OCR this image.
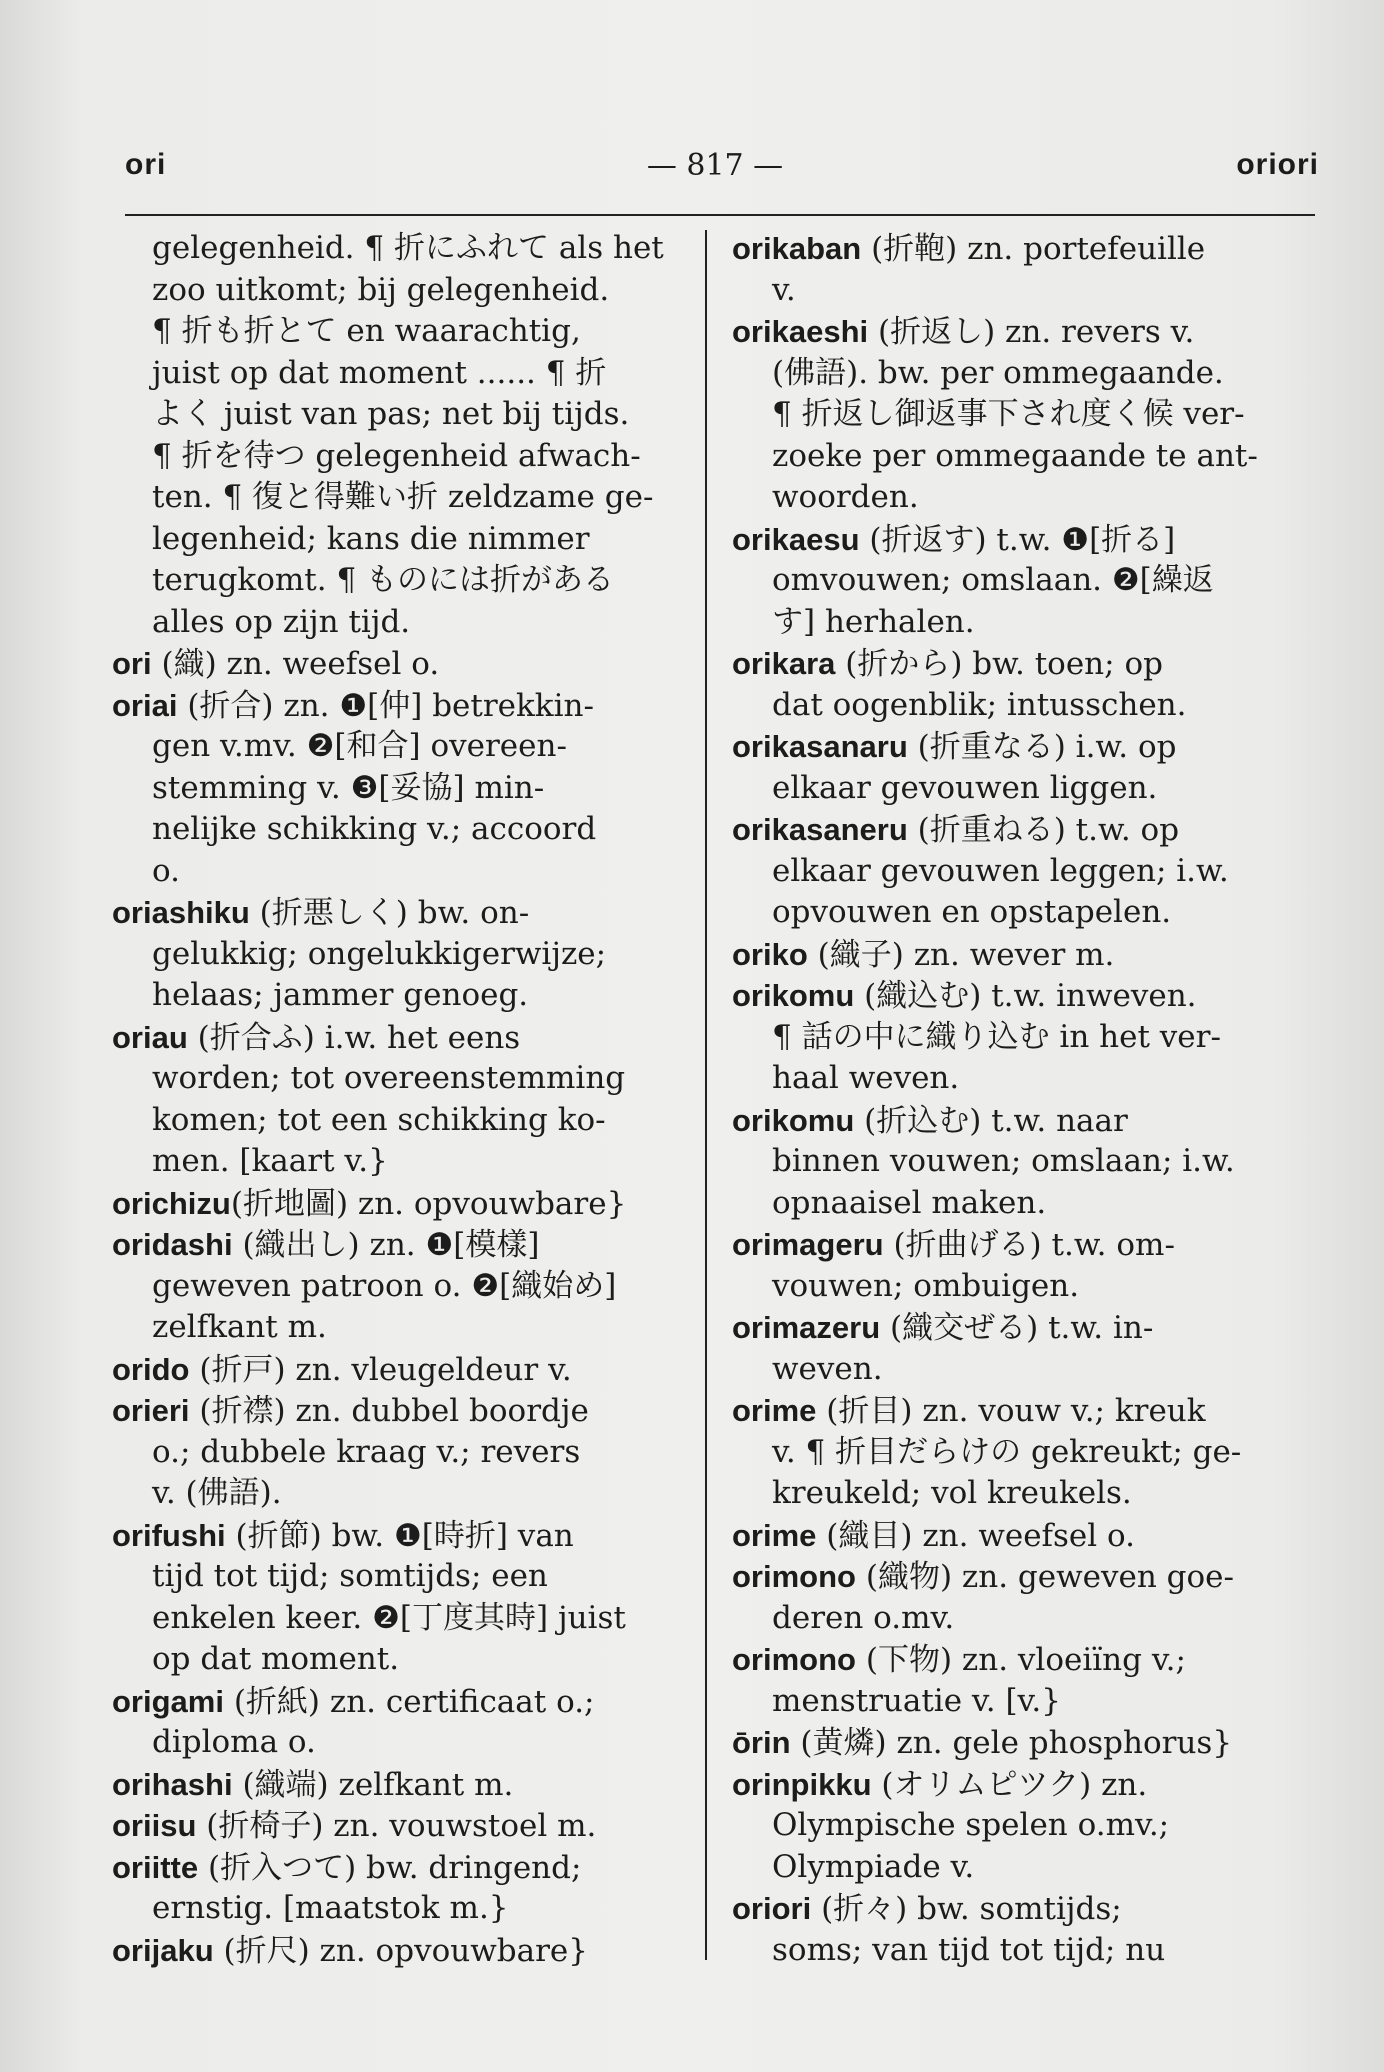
ori	— 817 —	oriori
gelegenheid. ¶ 折にふれて als het
zoo uitkomt; bij gelegenheid.
¶ 折も折とて en waarachtig,
juist op dat moment ...... ¶ 折
よく juist van pas; net bij tijds.
¶ 折を待つ gelegenheid afwach-
ten. ¶ 復と得難い折 zeldzame ge-
legenheid; kans die nimmer
terugkomt. ¶ ものには折がある
alles op zijn tijd.
ori (織) zn. weefsel o.
oriai (折合) zn. ❶[仲] betrekkin-
gen v.mv. ❷[和合] overeen-
stemming v. ❸[妥協] min-
nelijke schikking v.; accoord
o.
oriashiku (折悪しく) bw. on-
gelukkig; ongelukkigerwijze;
helaas; jammer genoeg.
oriau (折合ふ) i.w. het eens
worden; tot overeenstemming
komen; tot een schikking ko-
men. [kaart v.}
orichizu(折地圖) zn. opvouwbare}
oridashi (織出し) zn. ❶[模樣]
geweven patroon o. ❷[織始め]
zelfkant m.
orido (折戸) zn. vleugeldeur v.
orieri (折襟) zn. dubbel boordje
o.; dubbele kraag v.; revers
v. (佛語).
orifushi (折節) bw. ❶[時折] van
tijd tot tijd; somtijds; een
enkelen keer. ❷[丁度其時] juist
op dat moment.
origami (折紙) zn. certificaat o.;
diploma o.
orihashi (織端) zelfkant m.
oriisu (折椅子) zn. vouwstoel m.
oriitte (折入つて) bw. dringend;
ernstig. [maatstok m.}
orijaku (折尺) zn. opvouwbare}
orikaban (折鞄) zn. portefeuille
v.
orikaeshi (折返し) zn. revers v.
(佛語). bw. per ommegaande.
¶ 折返し御返事下され度く候 ver-
zoeke per ommegaande te ant-
woorden.
orikaesu (折返す) t.w. ❶[折る]
omvouwen; omslaan. ❷[繰返
す] herhalen.
orikara (折から) bw. toen; op
dat oogenblik; intusschen.
orikasanaru (折重なる) i.w. op
elkaar gevouwen liggen.
orikasaneru (折重ねる) t.w. op
elkaar gevouwen leggen; i.w.
opvouwen en opstapelen.
oriko (織子) zn. wever m.
orikomu (織込む) t.w. inweven.
¶ 話の中に織り込む in het ver-
haal weven.
orikomu (折込む) t.w. naar
binnen vouwen; omslaan; i.w.
opnaaisel maken.
orimageru (折曲げる) t.w. om-
vouwen; ombuigen.
orimazeru (織交ぜる) t.w. in-
weven.
orime (折目) zn. vouw v.; kreuk
v. ¶ 折目だらけの gekreukt; ge-
kreukeld; vol kreukels.
orime (織目) zn. weefsel o.
orimono (織物) zn. geweven goe-
deren o.mv.
orimono (下物) zn. vloeiïng v.;
menstruatie v. [v.}
ōrin (黄燐) zn. gele phosphorus}
orinpikku (オリムピツク) zn.
Olympische spelen o.mv.;
Olympiade v.
oriori (折々) bw. somtijds;
soms; van tijd tot tijd; nu
